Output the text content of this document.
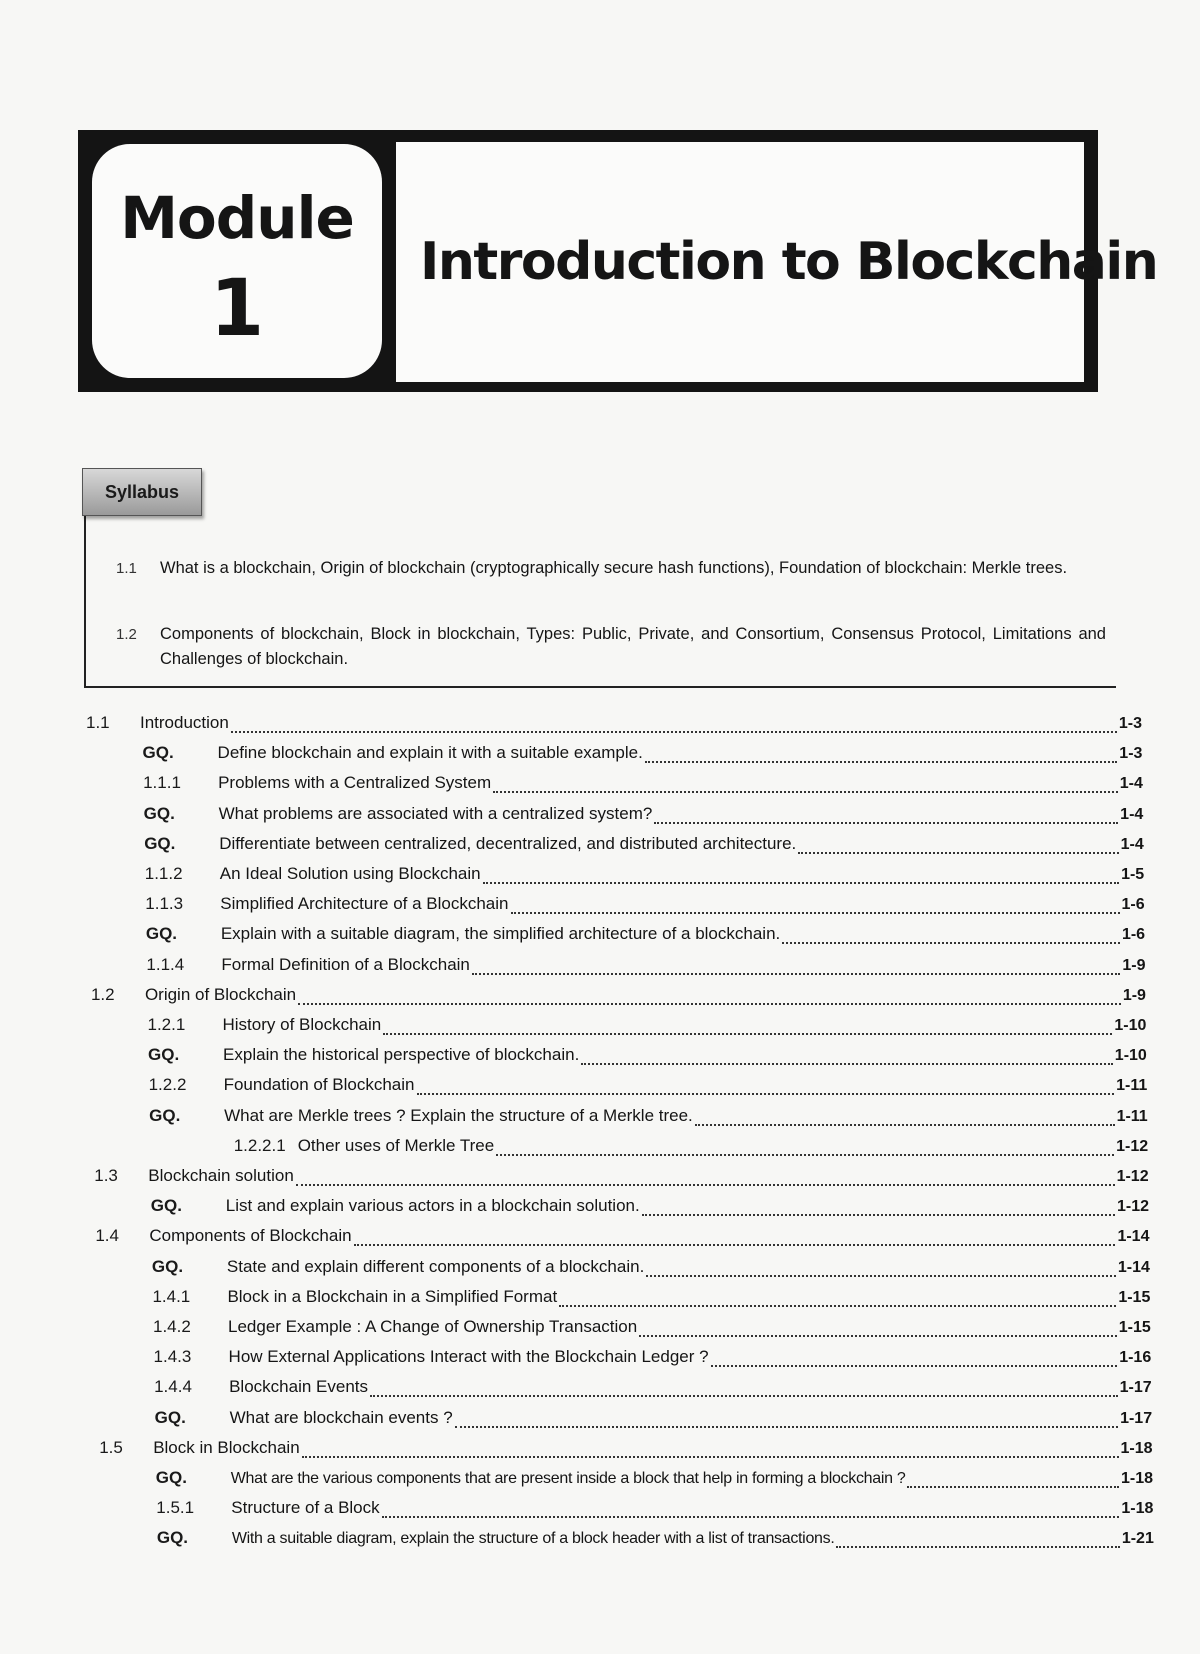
Module
1
Introduction to Blockchain
Syllabus
1.1	What is a blockchain, Origin of blockchain (cryptographically secure hash functions), Foundation of blockchain: Merkle trees.
1.2	Components of blockchain, Block in blockchain, Types: Public, Private, and Consortium, Consensus Protocol, Limitations and Challenges of blockchain.
1.1	Introduction	1-3
GQ.	Define blockchain and explain it with a suitable example.	1-3
1.1.1	Problems with a Centralized System	1-4
GQ.	What problems are associated with a centralized system?	1-4
GQ.	Differentiate between centralized, decentralized, and distributed architecture.	1-4
1.1.2	An Ideal Solution using Blockchain	1-5
1.1.3	Simplified Architecture of a Blockchain	1-6
GQ.	Explain with a suitable diagram, the simplified architecture of a blockchain.	1-6
1.1.4	Formal Definition of a Blockchain	1-9
1.2	Origin of Blockchain	1-9
1.2.1	History of Blockchain	1-10
GQ.	Explain the historical perspective of blockchain.	1-10
1.2.2	Foundation of Blockchain	1-11
GQ.	What are Merkle trees ? Explain the structure of a Merkle tree.	1-11
1.2.2.1 Other uses of Merkle Tree	1-12
1.3	Blockchain solution	1-12
GQ.	List and explain various actors in a blockchain solution.	1-12
1.4	Components of Blockchain	1-14
GQ.	State and explain different components of a blockchain.	1-14
1.4.1	Block in a Blockchain in a Simplified Format	1-15
1.4.2	Ledger Example : A Change of Ownership Transaction	1-15
1.4.3	How External Applications Interact with the Blockchain Ledger ?	1-16
1.4.4	Blockchain Events	1-17
GQ.	What are blockchain events ?	1-17
1.5	Block in Blockchain	1-18
GQ.	What are the various components that are present inside a block that help in forming a blockchain ?	1-18
1.5.1	Structure of a Block	1-18
GQ.	With a suitable diagram, explain the structure of a block header with a list of transactions.	1-21
